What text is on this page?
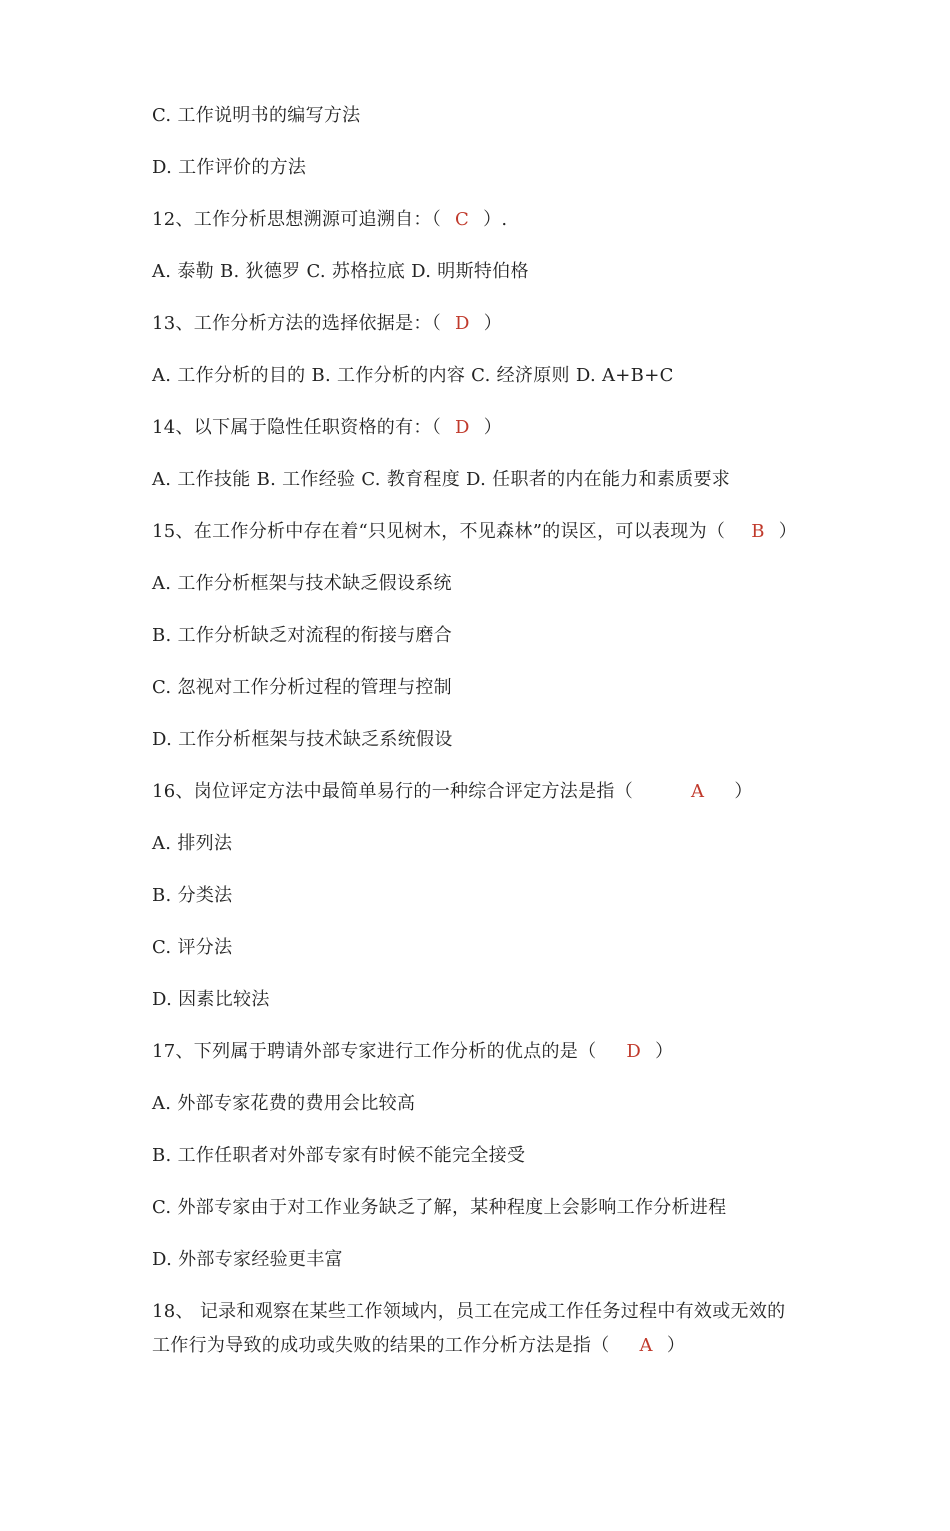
C. 工作说明书的编写方法
D. 工作评价的方法
12、工作分析思想溯源可追溯自：（ C ）.
A. 泰勒 B. 狄德罗 C. 苏格拉底 D. 明斯特伯格
13、工作分析方法的选择依据是：（ D ）
A. 工作分析的目的 B. 工作分析的内容 C. 经济原则 D. A+B+C
14、以下属于隐性任职资格的有：（ D ）
A. 工作技能 B. 工作经验 C. 教育程度 D. 任职者的内在能力和素质要求
15、在工作分析中存在着“只见树木，不见森林”的误区，可以表现为（ B ）
A. 工作分析框架与技术缺乏假设系统
B. 工作分析缺乏对流程的衔接与磨合
C. 忽视对工作分析过程的管理与控制
D. 工作分析框架与技术缺乏系统假设
16、岗位评定方法中最简单易行的一种综合评定方法是指（	A ）
A. 排列法
B. 分类法
C. 评分法
D. 因素比较法
17、下列属于聘请外部专家进行工作分析的优点的是（ D ）
A. 外部专家花费的费用会比较高
B. 工作任职者对外部专家有时候不能完全接受
C. 外部专家由于对工作业务缺乏了解，某种程度上会影响工作分析进程
D. 外部专家经验更丰富
18、 记录和观察在某些工作领域内，员工在完成工作任务过程中有效或无效的
工作行为导致的成功或失败的结果的工作分析方法是指（ A ）
